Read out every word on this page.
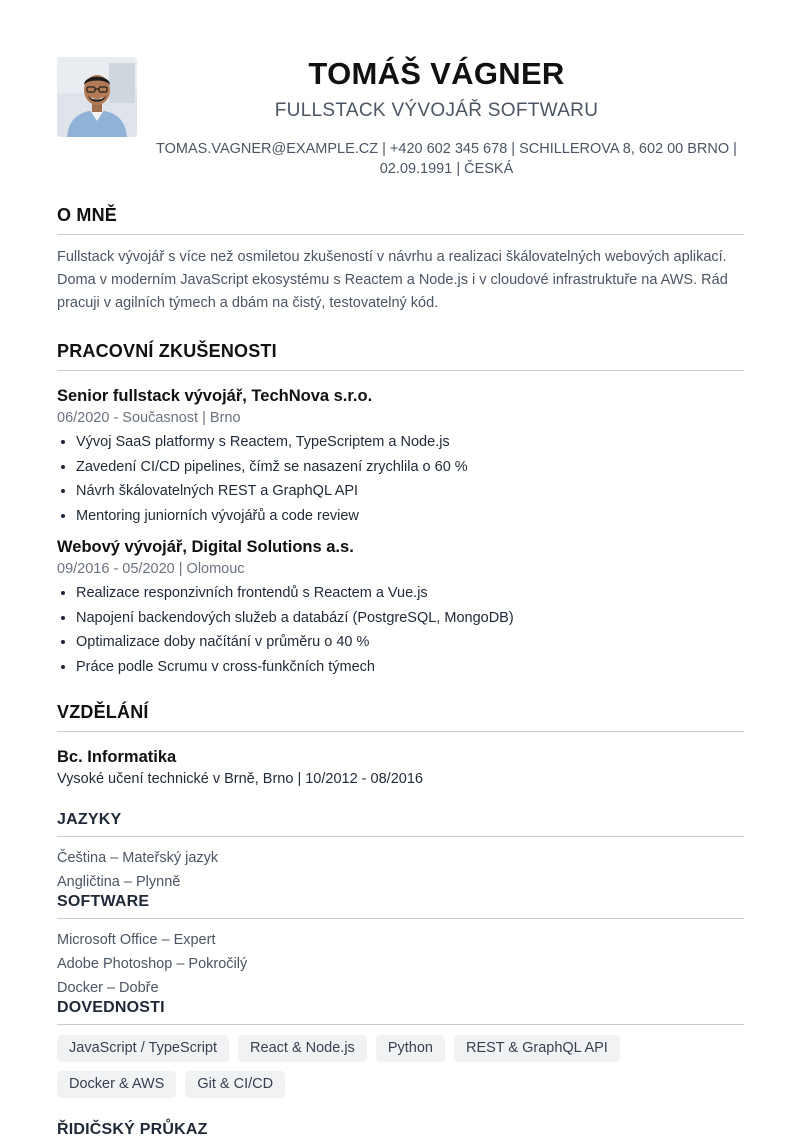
TOMÁŠ VÁGNER
FULLSTACK VÝVOJÁŘ SOFTWARU
TOMAS.VAGNER@EXAMPLE.CZ | +420 602 345 678 | SCHILLEROVA 8, 602 00 BRNO |
02.09.1991 | ČESKÁ
O MNĚ
Fullstack vývojář s více než osmiletou zkušeností v návrhu a realizaci škálovatelných webových aplikací. Doma v moderním JavaScript ekosystému s Reactem a Node.js i v cloudové infrastruktuře na AWS. Rád pracuji v agilních týmech a dbám na čistý, testovatelný kód.
PRACOVNÍ ZKUŠENOSTI
Senior fullstack vývojář, TechNova s.r.o.
06/2020 - Současnost | Brno
• Vývoj SaaS platformy s Reactem, TypeScriptem a Node.js
• Zavedení CI/CD pipelines, čímž se nasazení zrychlila o 60 %
• Návrh škálovatelných REST a GraphQL API
• Mentoring juniorních vývojářů a code review
Webový vývojář, Digital Solutions a.s.
09/2016 - 05/2020 | Olomouc
• Realizace responzivních frontendů s Reactem a Vue.js
• Napojení backendových služeb a databází (PostgreSQL, MongoDB)
• Optimalizace doby načítání v průměru o 40 %
• Práce podle Scrumu v cross-funkčních týmech
VZDĚLÁNÍ
Bc. Informatika
Vysoké učení technické v Brně, Brno | 10/2012 - 08/2016
JAZYKY
Čeština – Mateřský jazyk
Angličtina – Plynně
SOFTWARE
Microsoft Office – Expert
Adobe Photoshop – Pokročilý
Docker – Dobře
DOVEDNOSTI
JavaScript / TypeScript	React & Node.js	Python	REST & GraphQL API
Docker & AWS	Git & CI/CD
ŘIDIČSKÝ PRŮKAZ
